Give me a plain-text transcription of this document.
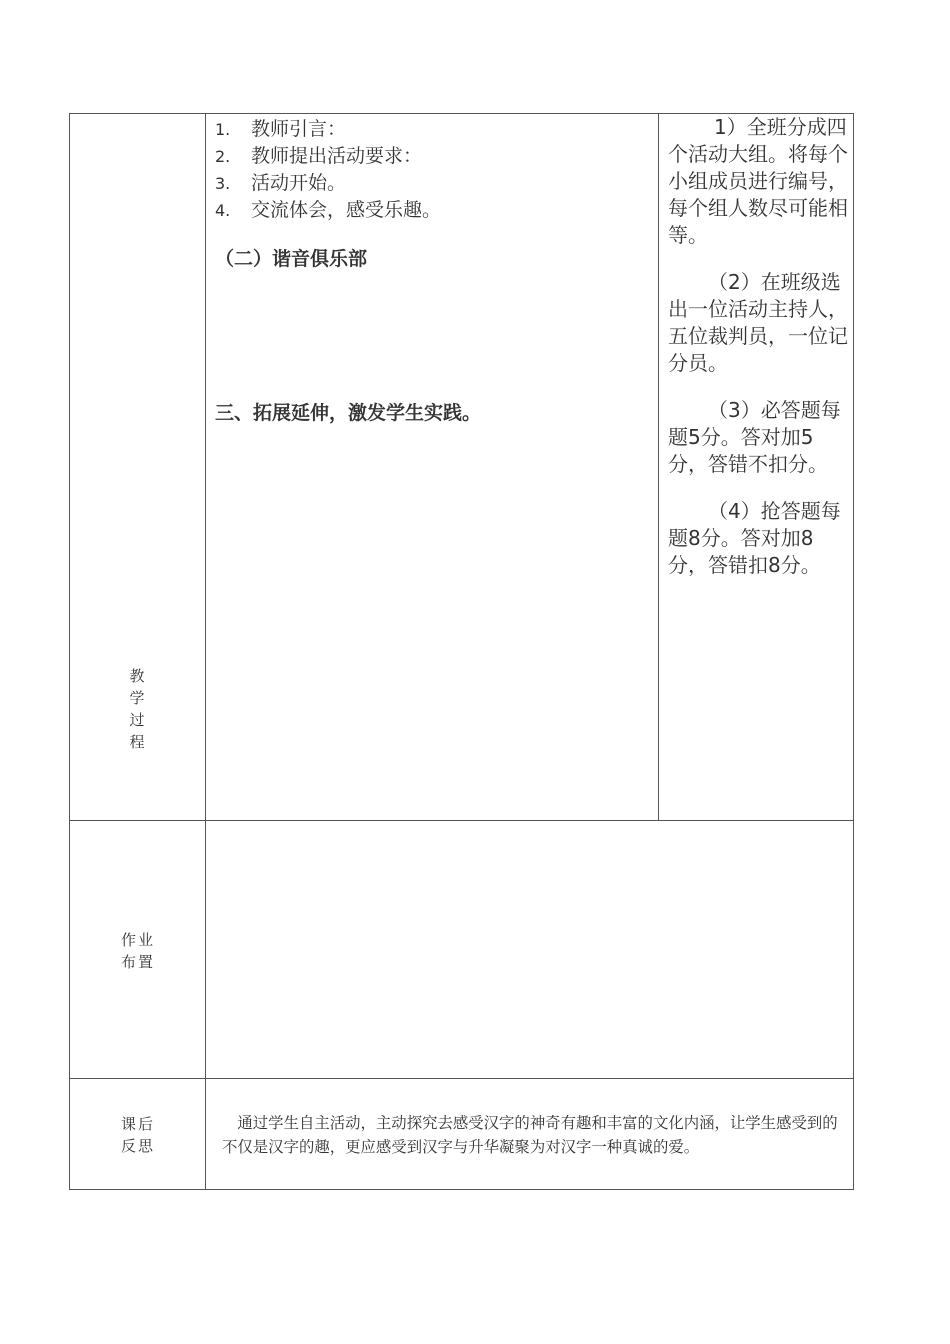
教
学
过
程
1. 教师引言：
2. 教师提出活动要求：
3. 活动开始。
4. 交流体会，感受乐趣。
（二）谐音俱乐部
三、拓展延伸，激发学生实践。

1）全班分成四个活动大组。将每个小组成员进行编号，每个组人数尽可能相等。

（2）在班级选出一位活动主持人，五位裁判员，一位记分员。

（3）必答题每题5分。答对加5分，答错不扣分。

（4）抢答题每题8分。答对加8分，答错扣8分。

作业
布置
课后
反思
通过学生自主活动，主动探究去感受汉字的神奇有趣和丰富的文化内涵，让学生感受到的不仅是汉字的趣，更应感受到汉字与升华凝聚为对汉字一种真诚的爱。
